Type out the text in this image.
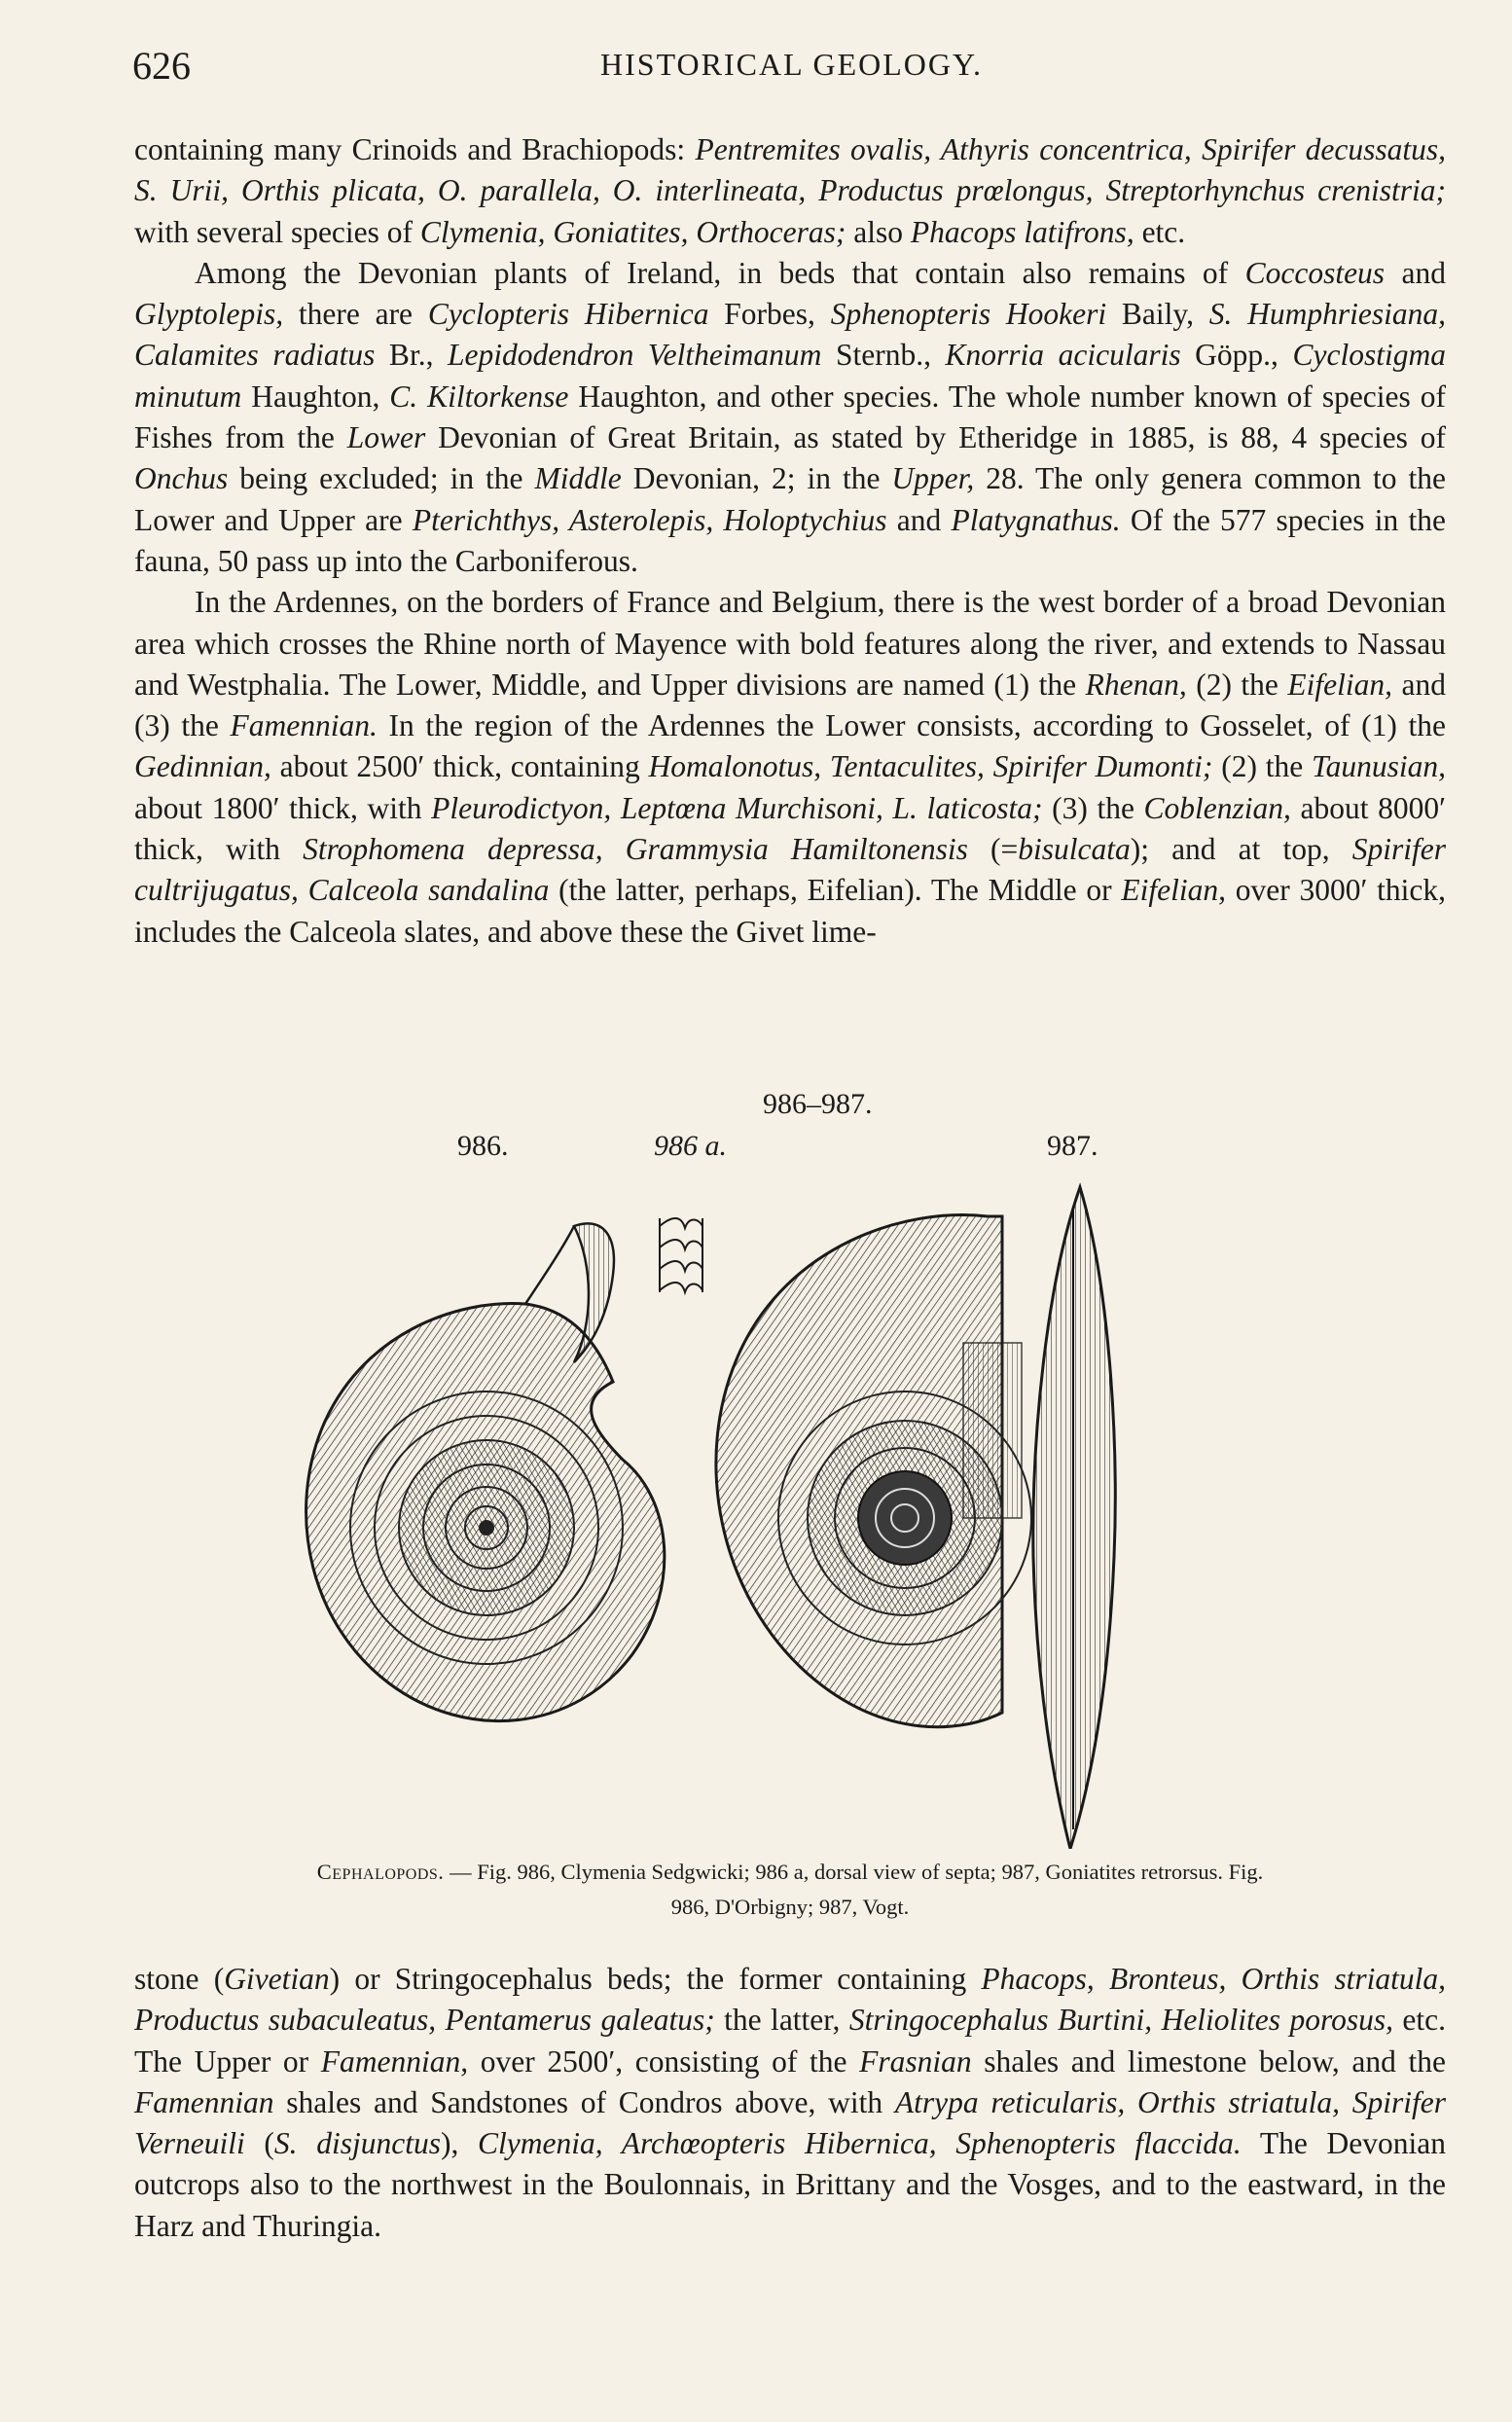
626	HISTORICAL GEOLOGY.

containing many Crinoids and Brachiopods: Pentremites ovalis, Athyris concentrica, Spirifer decussatus, S. Urii, Orthis plicata, O. parallela, O. interlineata, Productus prœlongus, Streptorhynchus crenistria; with several species of Clymenia, Goniatites, Orthoceras; also Phacops latifrons, etc.

Among the Devonian plants of Ireland, in beds that contain also remains of Coccosteus and Glyptolepis, there are Cyclopteris Hibernica Forbes, Sphenopteris Hookeri Baily, S. Humphriesiana, Calamites radiatus Br., Lepidodendron Veltheimanum Sternb., Knorria acicularis Göpp., Cyclostigma minutum Haughton, C. Kiltorkense Haughton, and other species. The whole number known of species of Fishes from the Lower Devonian of Great Britain, as stated by Etheridge in 1885, is 88, 4 species of Onchus being excluded; in the Middle Devonian, 2; in the Upper, 28. The only genera common to the Lower and Upper are Pterichthys, Asterolepis, Holoptychius and Platygnathus. Of the 577 species in the fauna, 50 pass up into the Carboniferous.

In the Ardennes, on the borders of France and Belgium, there is the west border of a broad Devonian area which crosses the Rhine north of Mayence with bold features along the river, and extends to Nassau and Westphalia. The Lower, Middle, and Upper divisions are named (1) the Rhenan, (2) the Eifelian, and (3) the Famennian. In the region of the Ardennes the Lower consists, according to Gosselet, of (1) the Gedinnian, about 2500′ thick, containing Homalonotus, Tentaculites, Spirifer Dumonti; (2) the Taunusian, about 1800′ thick, with Pleurodictyon, Leptœna Murchisoni, L. laticosta; (3) the Coblenzian, about 8000′ thick, with Strophomena depressa, Grammysia Hamiltonensis (=bisulcata); and at top, Spirifer cultrijugatus, Calceola sandalina (the latter, perhaps, Eifelian). The Middle or Eifelian, over 3000′ thick, includes the Calceola slates, and above these the Givet lime-

986–987.
986.	986 a.	987.
Cephalopods. — Fig. 986, Clymenia Sedgwicki; 986 a, dorsal view of septa; 987, Goniatites retrorsus. Fig.
986, D'Orbigny; 987, Vogt.

stone (Givetian) or Stringocephalus beds; the former containing Phacops, Bronteus, Orthis striatula, Productus subaculeatus, Pentamerus galeatus; the latter, Stringocephalus Burtini, Heliolites porosus, etc. The Upper or Famennian, over 2500′, consisting of the Frasnian shales and limestone below, and the Famennian shales and Sandstones of Condros above, with Atrypa reticularis, Orthis striatula, Spirifer Verneuili (S. disjunctus), Clymenia, Archœopteris Hibernica, Sphenopteris flaccida. The Devonian outcrops also to the northwest in the Boulonnais, in Brittany and the Vosges, and to the eastward, in the Harz and Thuringia.
